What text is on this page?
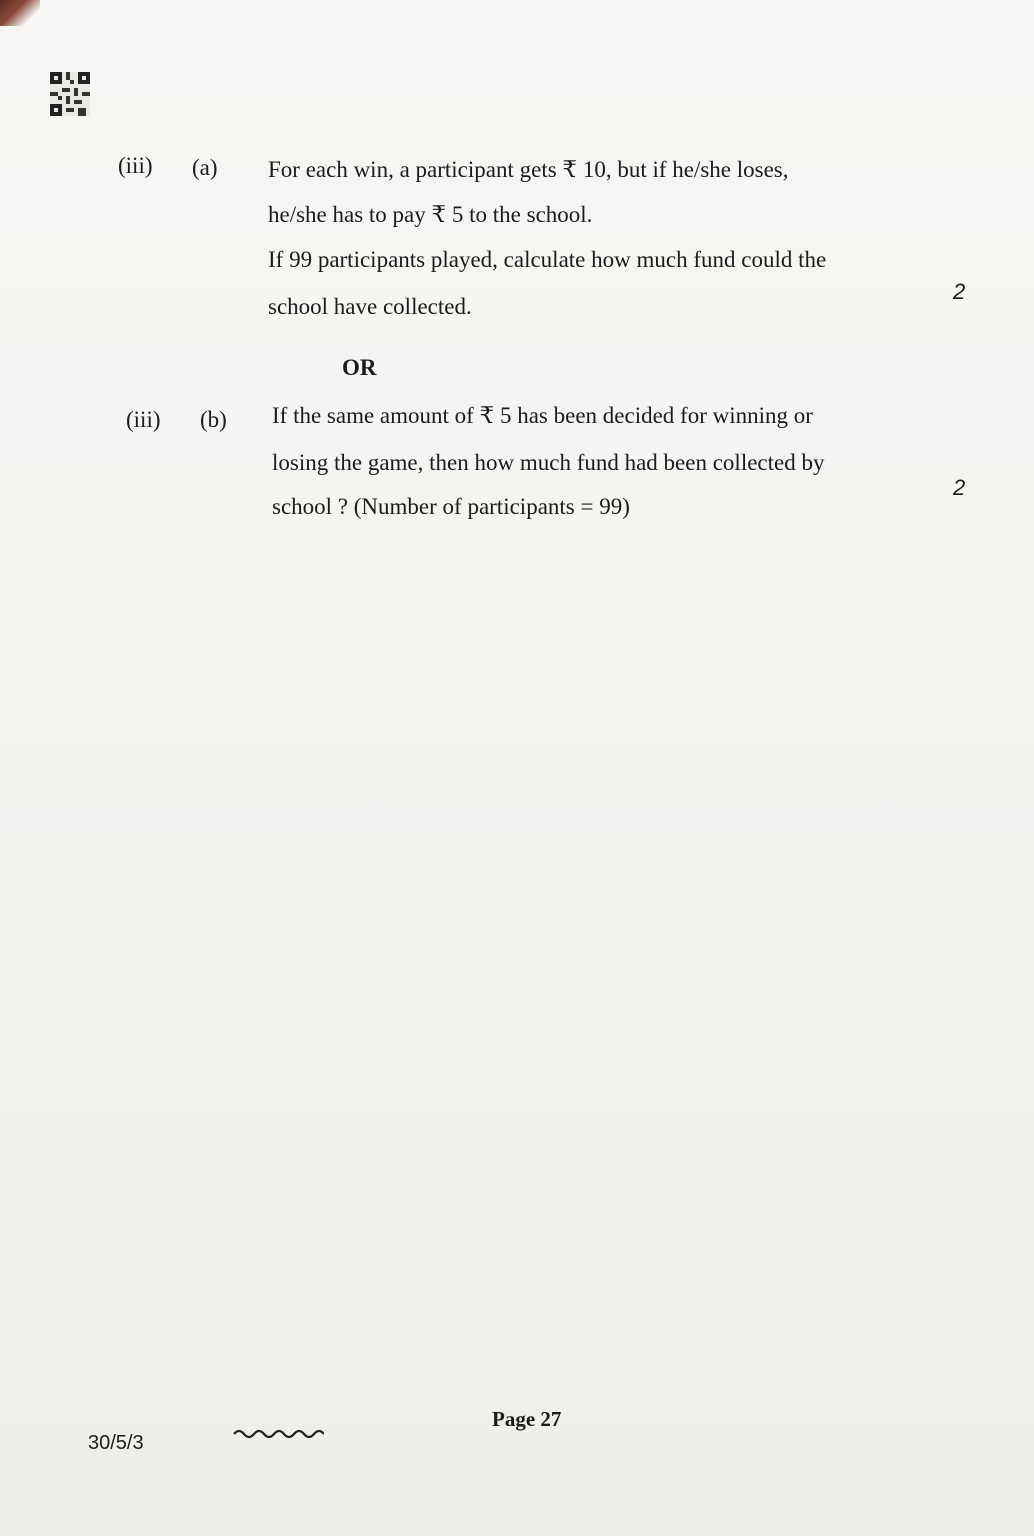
(iii) (a) For each win, a participant gets ₹ 10, but if he/she loses,
he/she has to pay ₹ 5 to the school.
If 99 participants played, calculate how much fund could the
school have collected.
2
OR
(iii) (b) If the same amount of ₹ 5 has been decided for winning or
losing the game, then how much fund had been collected by
school ? (Number of participants = 99)
2
30/5/3
Page 27
